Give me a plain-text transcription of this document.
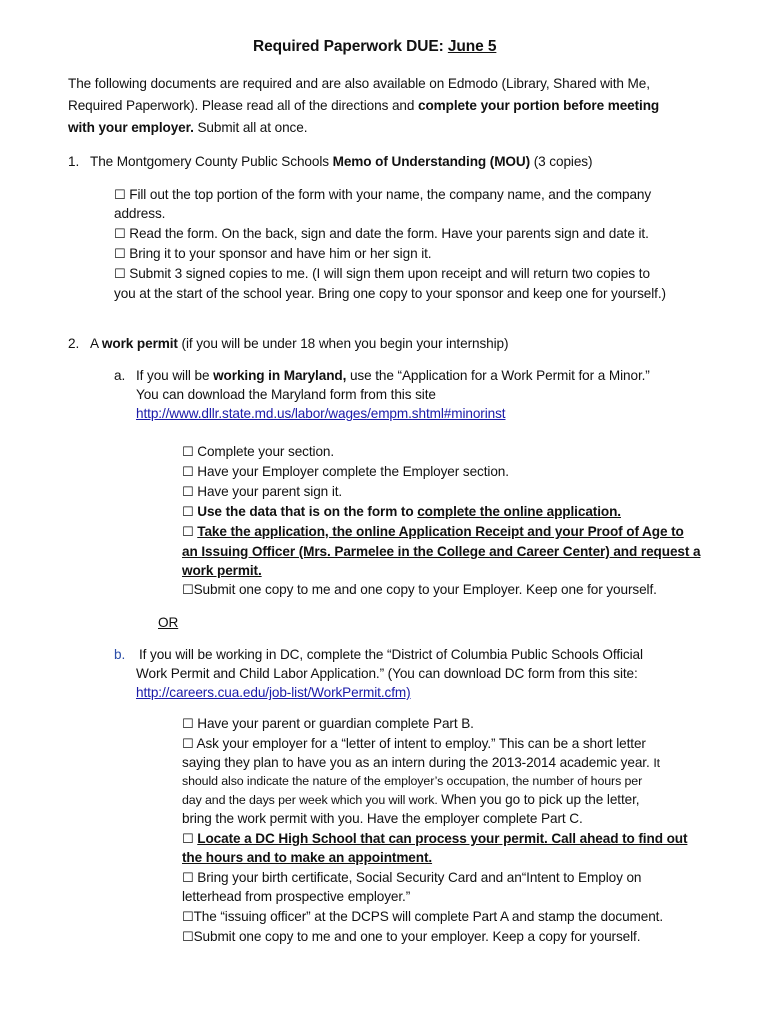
Required Paperwork DUE: June 5
The following documents are required and are also available on Edmodo (Library, Shared with Me,
Required Paperwork). Please read all of the directions and complete your portion before meeting
with your employer. Submit all at once.
1. The Montgomery County Public Schools Memo of Understanding (MOU) (3 copies)
☐ Fill out the top portion of the form with your name, the company name, and the company
address.
☐ Read the form. On the back, sign and date the form. Have your parents sign and date it.
☐ Bring it to your sponsor and have him or her sign it.
☐ Submit 3 signed copies to me. (I will sign them upon receipt and will return two copies to
you at the start of the school year. Bring one copy to your sponsor and keep one for yourself.)
2. A work permit (if you will be under 18 when you begin your internship)
a. If you will be working in Maryland, use the “Application for a Work Permit for a Minor.”
You can download the Maryland form from this site
http://www.dllr.state.md.us/labor/wages/empm.shtml#minorinst
☐ Complete your section.
☐ Have your Employer complete the Employer section.
☐ Have your parent sign it.
☐ Use the data that is on the form to complete the online application.
☐ Take the application, the online Application Receipt and your Proof of Age to
an Issuing Officer (Mrs. Parmelee in the College and Career Center) and request a
work permit.
☐Submit one copy to me and one copy to your Employer. Keep one for yourself.
OR
b. If you will be working in DC, complete the “District of Columbia Public Schools Official
Work Permit and Child Labor Application.” (You can download DC form from this site:
http://careers.cua.edu/job-list/WorkPermit.cfm)
☐ Have your parent or guardian complete Part B.
☐ Ask your employer for a “letter of intent to employ.” This can be a short letter
saying they plan to have you as an intern during the 2013-2014 academic year. It
should also indicate the nature of the employer’s occupation, the number of hours per
day and the days per week which you will work. When you go to pick up the letter,
bring the work permit with you. Have the employer complete Part C.
☐ Locate a DC High School that can process your permit. Call ahead to find out
the hours and to make an appointment.
☐ Bring your birth certificate, Social Security Card and an“Intent to Employ on
letterhead from prospective employer.”
☐The “issuing officer” at the DCPS will complete Part A and stamp the document.
☐Submit one copy to me and one to your employer. Keep a copy for yourself.
